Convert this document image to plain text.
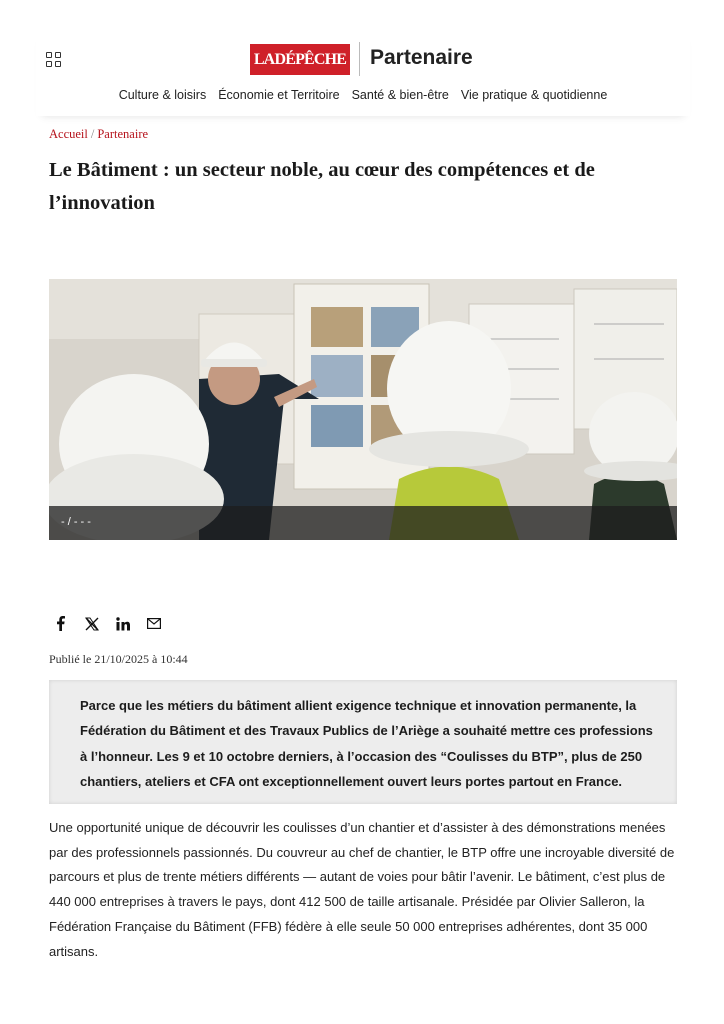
LADÉPÊCHE Partenaire
Culture & loisirs Économie et Territoire Santé & bien-être Vie pratique & quotidienne
Accueil / Partenaire
Le Bâtiment : un secteur noble, au cœur des compétences et de l’innovation
- / - - -
Publié le 21/10/2025 à 10:44
Parce que les métiers du bâtiment allient exigence technique et innovation permanente, la Fédération du Bâtiment et des Travaux Publics de l’Ariège a souhaité mettre ces professions à l’honneur. Les 9 et 10 octobre derniers, à l’occasion des “Coulisses du BTP”, plus de 250 chantiers, ateliers et CFA ont exceptionnellement ouvert leurs portes partout en France.

Une opportunité unique de découvrir les coulisses d’un chantier et d’assister à des démonstrations menées par des professionnels passionnés. Du couvreur au chef de chantier, le BTP offre une incroyable diversité de parcours et plus de trente métiers différents — autant de voies pour bâtir l’avenir. Le bâtiment, c’est plus de 440 000 entreprises à travers le pays, dont 412 500 de taille artisanale. Présidée par Olivier Salleron, la Fédération Française du Bâtiment (FFB) fédère à elle seule 50 000 entreprises adhérentes, dont 35 000 artisans.
